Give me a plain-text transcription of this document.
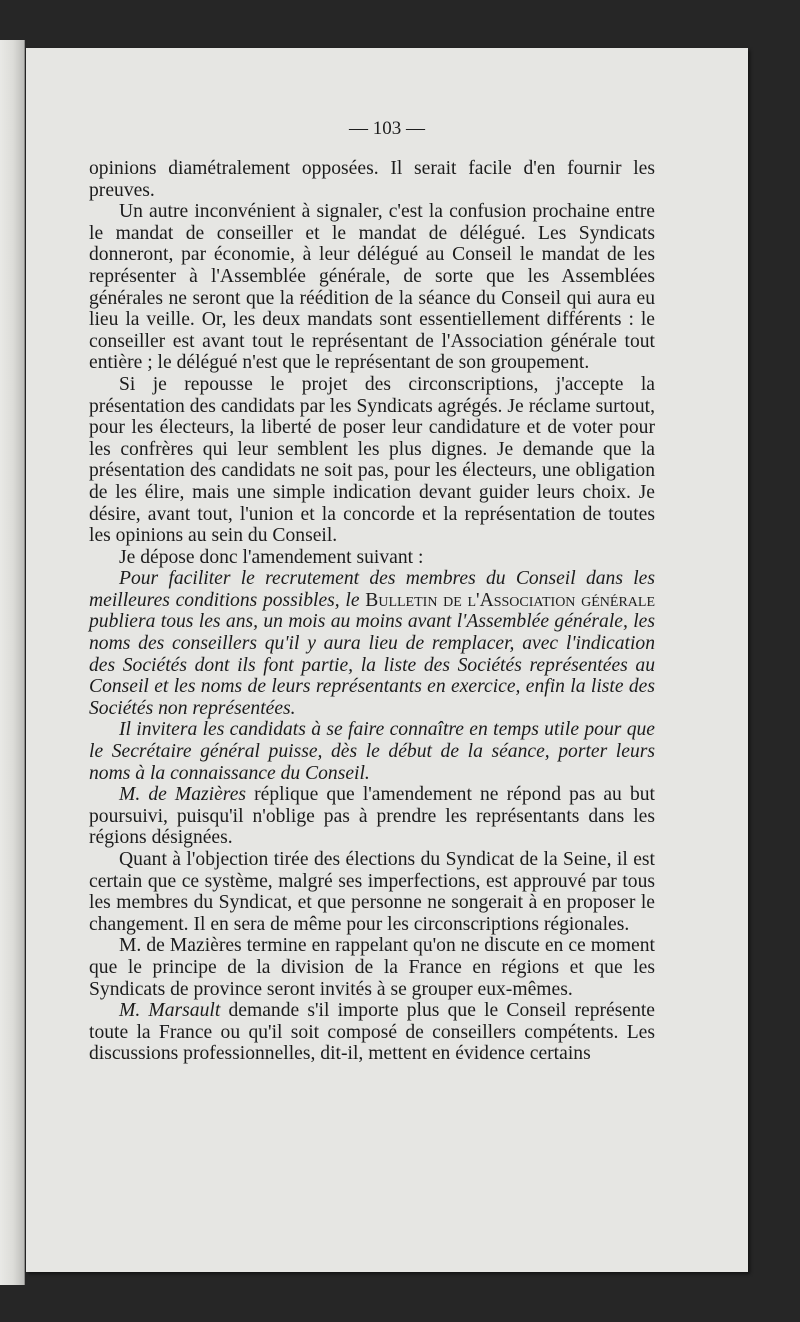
— 103 —

opinions diamétralement opposées. Il serait facile d'en fournir les preuves.

Un autre inconvénient à signaler, c'est la confusion prochaine entre le mandat de conseiller et le mandat de délégué. Les Syndicats donneront, par économie, à leur délégué au Conseil le mandat de les représenter à l'Assemblée générale, de sorte que les Assemblées générales ne seront que la réédition de la séance du Conseil qui aura eu lieu la veille. Or, les deux mandats sont essentiellement différents : le conseiller est avant tout le représentant de l'Association générale tout entière ; le délégué n'est que le représentant de son groupement.

Si je repousse le projet des circonscriptions, j'accepte la présentation des candidats par les Syndicats agrégés. Je réclame surtout, pour les électeurs, la liberté de poser leur candidature et de voter pour les confrères qui leur semblent les plus dignes. Je demande que la présentation des candidats ne soit pas, pour les électeurs, une obligation de les élire, mais une simple indication devant guider leurs choix. Je désire, avant tout, l'union et la concorde et la représentation de toutes les opinions au sein du Conseil.

Je dépose donc l'amendement suivant :

Pour faciliter le recrutement des membres du Conseil dans les meilleures conditions possibles, le Bulletin de l'Association générale publiera tous les ans, un mois au moins avant l'Assemblée générale, les noms des conseillers qu'il y aura lieu de remplacer, avec l'indication des Sociétés dont ils font partie, la liste des Sociétés représentées au Conseil et les noms de leurs représentants en exercice, enfin la liste des Sociétés non représentées.

Il invitera les candidats à se faire connaître en temps utile pour que le Secrétaire général puisse, dès le début de la séance, porter leurs noms à la connaissance du Conseil.

M. de Mazières réplique que l'amendement ne répond pas au but poursuivi, puisqu'il n'oblige pas à prendre les représentants dans les régions désignées.

Quant à l'objection tirée des élections du Syndicat de la Seine, il est certain que ce système, malgré ses imperfections, est approuvé par tous les membres du Syndicat, et que personne ne songerait à en proposer le changement. Il en sera de même pour les circonscriptions régionales.

M. de Mazières termine en rappelant qu'on ne discute en ce moment que le principe de la division de la France en régions et que les Syndicats de province seront invités à se grouper eux-mêmes.

M. Marsault demande s'il importe plus que le Conseil représente toute la France ou qu'il soit composé de conseillers compétents. Les discussions professionnelles, dit-il, mettent en évidence certains
